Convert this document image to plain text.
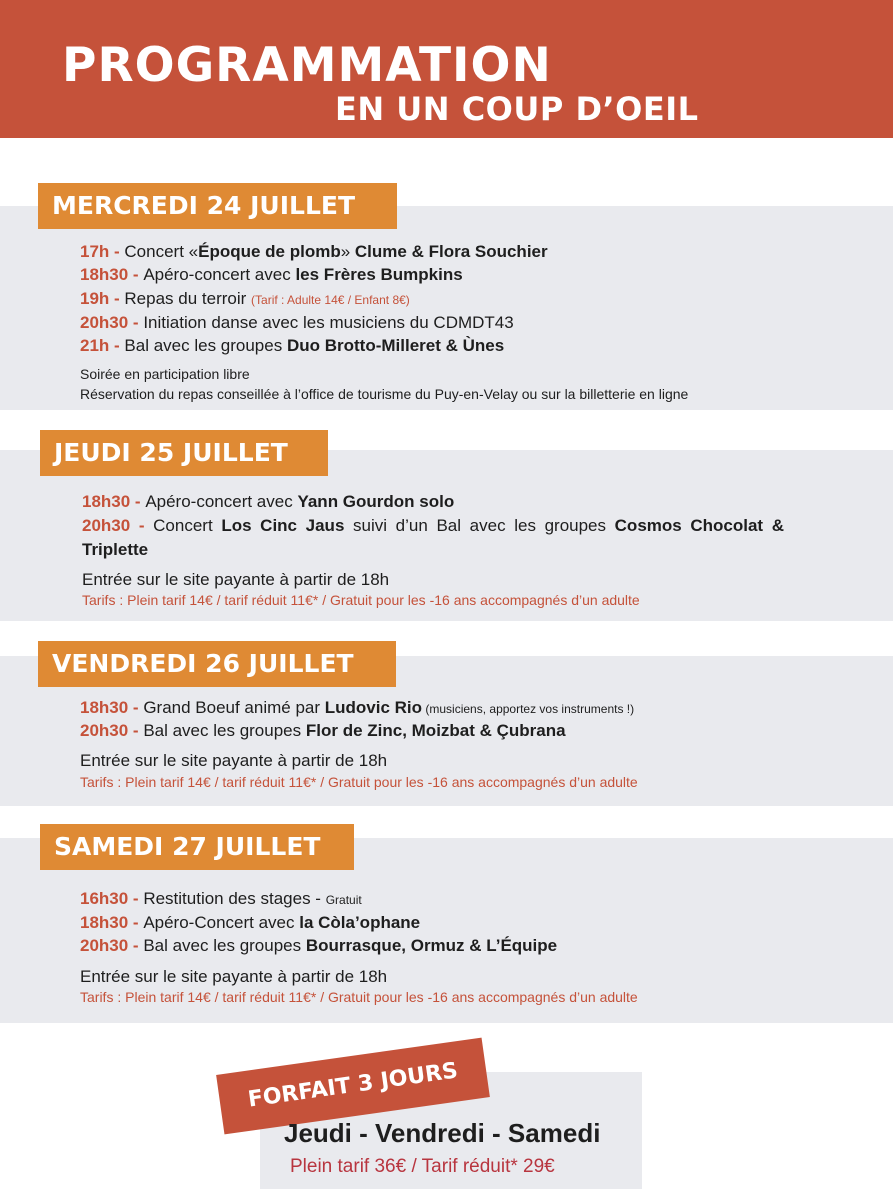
PROGRAMMATION
EN UN COUP D’OEIL
MERCREDI 24 JUILLET
17h - Concert «Époque de plomb» Clume & Flora Souchier
18h30 - Apéro-concert avec les Frères Bumpkins
19h - Repas du terroir (Tarif : Adulte 14€ / Enfant 8€)
20h30 - Initiation danse avec les musiciens du CDMDT43
21h - Bal avec les groupes Duo Brotto-Milleret & Ùnes
Soirée en participation libre
Réservation du repas conseillée à l’office de tourisme du Puy-en-Velay ou sur la billetterie en ligne
JEUDI 25 JUILLET
18h30 - Apéro-concert avec Yann Gourdon solo
20h30 - Concert Los Cinc Jaus suivi d’un Bal avec les groupes Cosmos Chocolat & Triplette
Entrée sur le site payante à partir de 18h
Tarifs : Plein tarif 14€ / tarif réduit 11€* / Gratuit pour les -16 ans accompagnés d’un adulte
VENDREDI 26 JUILLET
18h30 - Grand Boeuf animé par Ludovic Rio (musiciens, apportez vos instruments !)
20h30 - Bal avec les groupes Flor de Zinc, Moizbat & Çubrana
Entrée sur le site payante à partir de 18h
Tarifs : Plein tarif 14€ / tarif réduit 11€* / Gratuit pour les -16 ans accompagnés d’un adulte
SAMEDI 27 JUILLET
16h30 - Restitution des stages - Gratuit
18h30 - Apéro-Concert avec la Còla’ophane
20h30 - Bal avec les groupes Bourrasque, Ormuz & L’Équipe
Entrée sur le site payante à partir de 18h
Tarifs : Plein tarif 14€ / tarif réduit 11€* / Gratuit pour les -16 ans accompagnés d’un adulte
FORFAIT 3 JOURS
Jeudi - Vendredi - Samedi
Plein tarif 36€ / Tarif réduit* 29€
